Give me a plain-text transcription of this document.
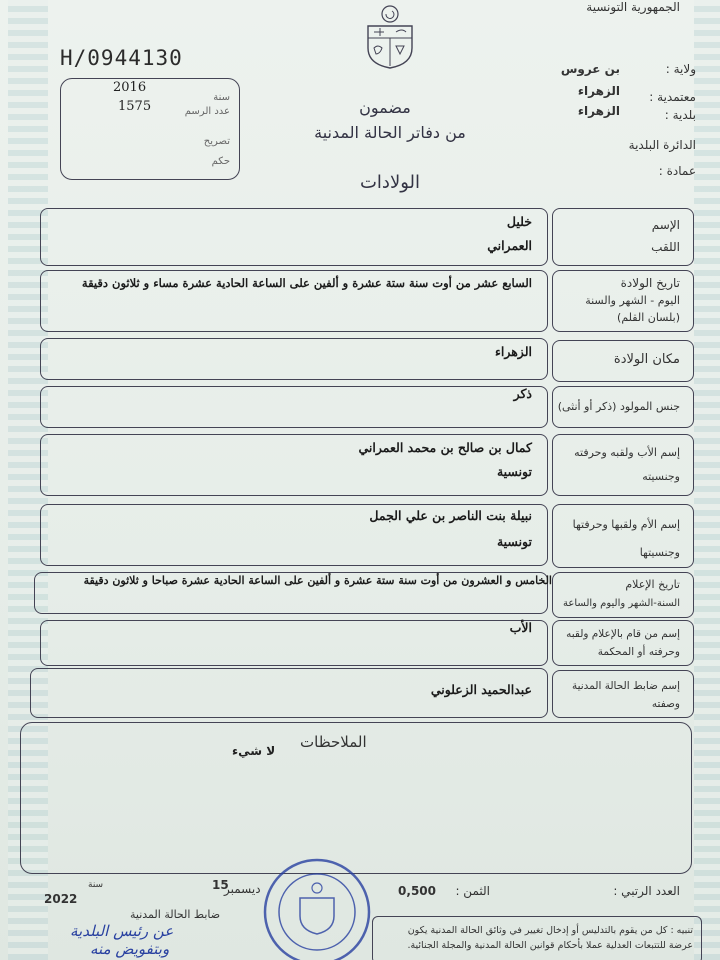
الجمهورية التونسية
ولاية :
بن عروس
معتمدية :
الزهراء
بلدية :
الزهراء
الدائرة البلدية
عمادة :
H/0944130
2016
1575
سنة
عدد الرسم
تصريح
حكم
مضمون
من دفاتر الحالة المدنية
الولادات
الإسم
اللقب
خليل
العمراني
تاريخ الولادة
اليوم - الشهر والسنة
(بلسان القلم)
السابع عشر من أوت سنة ستة عشرة و ألفين على الساعة الحادية عشرة مساء و ثلاثون دقيقة
مكان الولادة
الزهراء
جنس المولود (ذكر أو أنثى)
ذكر
إسم الأب ولقبه وحرفته
وجنسيته
كمال بن صالح بن محمد العمراني
تونسية
إسم الأم ولقبها وحرفتها
وجنسيتها
نبيلة بنت الناصر بن علي الجمل
تونسية
تاريخ الإعلام
السنة-الشهر واليوم والساعة
الخامس و العشرون من أوت سنة ستة عشرة و ألفين على الساعة الحادية عشرة صباحا و ثلاثون دقيقة
إسم من قام بالإعلام ولقبه
وحرفته أو المحكمة
الأب
إسم ضابط الحالة المدنية
وصفته
عبدالحميد الزعلوني
الملاحظات
لا شيء

العدد الرتبي :
الثمن :
0,500
ديسمبر
15
سنة
2022
ضابط الحالة المدنية
عن رئيس البلدية
وبتفويض منه
تنبيه : كل من يقوم بالتدليس أو إدخال تغيير في وثائق الحالة المدنية يكون عرضة للتتبعات العدلية عملا بأحكام قوانين الحالة المدنية والمجلة الجنائية.
